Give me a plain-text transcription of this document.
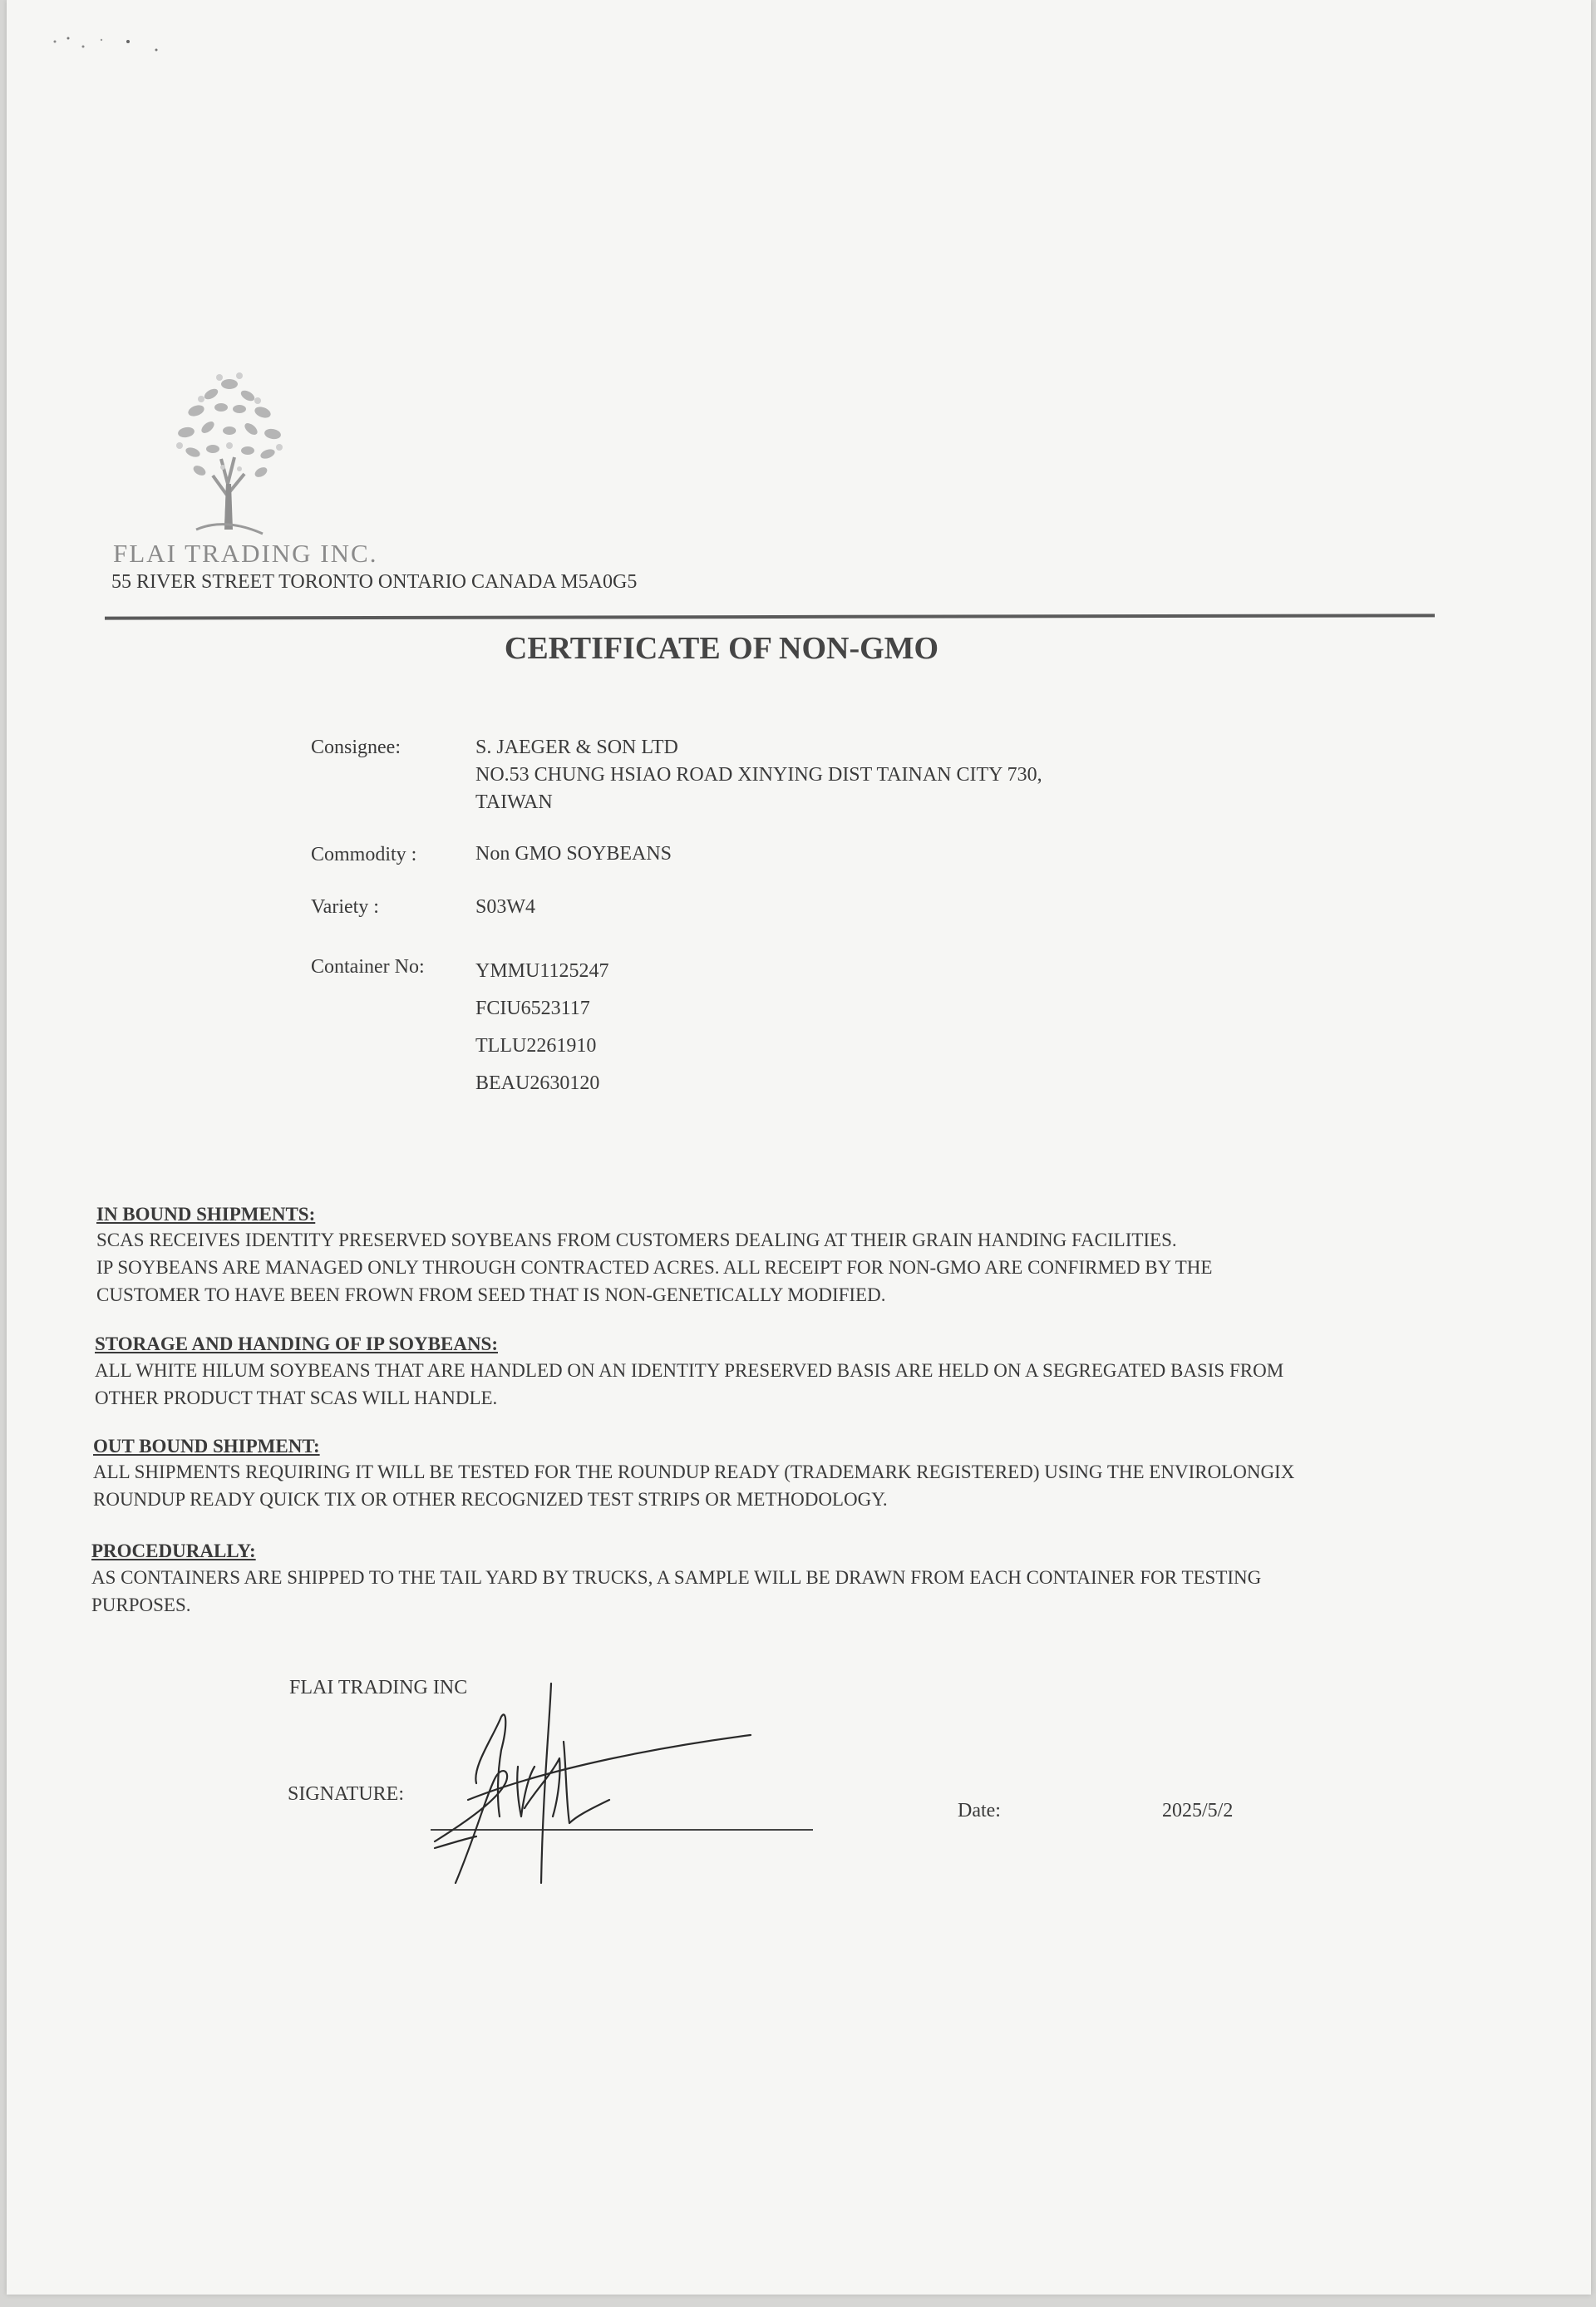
FLAI TRADING INC.

55 RIVER STREET TORONTO ONTARIO CANADA M5A0G5

CERTIFICATE OF NON-GMO

Consignee:	S. JAEGER & SON LTD
NO.53 CHUNG HSIAO ROAD XINYING DIST TAINAN CITY 730,
TAIWAN

Commodity :	Non GMO SOYBEANS

Variety :	S03W4

Container No:	YMMU1125247
FCIU6523117
TLLU2261910
BEAU2630120

IN BOUND SHIPMENTS:

SCAS RECEIVES IDENTITY PRESERVED SOYBEANS FROM CUSTOMERS DEALING AT THEIR GRAIN HANDING FACILITIES.
IP SOYBEANS ARE MANAGED ONLY THROUGH CONTRACTED ACRES. ALL RECEIPT FOR NON-GMO ARE CONFIRMED BY THE
CUSTOMER TO HAVE BEEN FROWN FROM SEED THAT IS NON-GENETICALLY MODIFIED.

STORAGE AND HANDING OF IP SOYBEANS:

ALL WHITE HILUM SOYBEANS THAT ARE HANDLED ON AN IDENTITY PRESERVED BASIS ARE HELD ON A SEGREGATED BASIS FROM
OTHER PRODUCT THAT SCAS WILL HANDLE.

OUT BOUND SHIPMENT:

ALL SHIPMENTS REQUIRING IT WILL BE TESTED FOR THE ROUNDUP READY (TRADEMARK REGISTERED) USING THE ENVIROLONGIX
ROUNDUP READY QUICK TIX OR OTHER RECOGNIZED TEST STRIPS OR METHODOLOGY.

PROCEDURALLY:

AS CONTAINERS ARE SHIPPED TO THE TAIL YARD BY TRUCKS, A SAMPLE WILL BE DRAWN FROM EACH CONTAINER FOR TESTING
PURPOSES.

FLAI TRADING INC

SIGNATURE:

Date:	2025/5/2
